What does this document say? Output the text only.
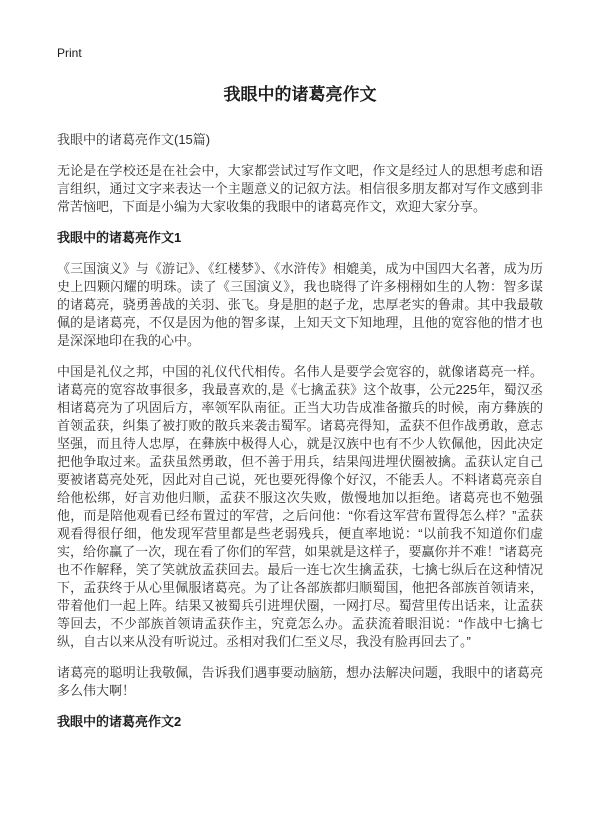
Print
我眼中的诸葛亮作文

我眼中的诸葛亮作文(15篇)

无论是在学校还是在社会中，大家都尝试过写作文吧，作文是经过人的思想考虑和语言组织，通过文字来表达一个主题意义的记叙方法。相信很多朋友都对写作文感到非常苦恼吧，下面是小编为大家收集的我眼中的诸葛亮作文，欢迎大家分享。

我眼中的诸葛亮作文1

《三国演义》与《游记》、《红楼梦》、《水浒传》相媲美，成为中国四大名著，成为历史上四颗闪耀的明珠。读了《三国演义》，我也晓得了许多栩栩如生的人物：智多谋的诸葛亮，骁勇善战的关羽、张飞。身是胆的赵子龙，忠厚老实的鲁肃。其中我最敬佩的是诸葛亮，不仅是因为他的智多谋，上知天文下知地理，且他的宽容他的惜才也是深深地印在我的心中。

中国是礼仪之邦，中国的礼仪代代相传。名伟人是要学会宽容的，就像诸葛亮一样。诸葛亮的宽容故事很多，我最喜欢的,是《七擒孟获》这个故事，公元225年，蜀汉丞相诸葛亮为了巩固后方，率领军队南征。正当大功告成准备撤兵的时候，南方彝族的首领孟获，纠集了被打败的散兵来袭击蜀军。诸葛亮得知，孟获不但作战勇敢，意志坚强，而且待人忠厚，在彝族中极得人心，就是汉族中也有不少人钦佩他，因此决定把他争取过来。孟获虽然勇敢，但不善于用兵，结果闯进埋伏圈被擒。孟获认定自己要被诸葛亮处死，因此对自己说，死也要死得像个好汉，不能丢人。不料诸葛亮亲自给他松绑，好言劝他归顺，孟获不服这次失败，傲慢地加以拒绝。诸葛亮也不勉强他，而是陪他观看已经布置过的军营，之后问他：“你看这军营布置得怎么样？”孟获观看得很仔细，他发现军营里都是些老弱残兵，便直率地说：“以前我不知道你们虚实，给你赢了一次，现在看了你们的军营，如果就是这样子，要赢你并不难！”诸葛亮也不作解释，笑了笑就放孟获回去。最后一连七次生擒孟获，七擒七纵后在这种情况下，孟获终于从心里佩服诸葛亮。为了让各部族都归顺蜀国，他把各部族首领请来，带着他们一起上阵。结果又被蜀兵引进埋伏圈，一网打尽。蜀营里传出话来，让孟获等回去，不少部族首领请孟获作主，究竟怎么办。孟获流着眼泪说：“作战中七擒七纵，自古以来从没有听说过。丞相对我们仁至义尽，我没有脸再回去了。”

诸葛亮的聪明让我敬佩，告诉我们遇事要动脑筋，想办法解决问题，我眼中的诸葛亮多么伟大啊！

我眼中的诸葛亮作文2
